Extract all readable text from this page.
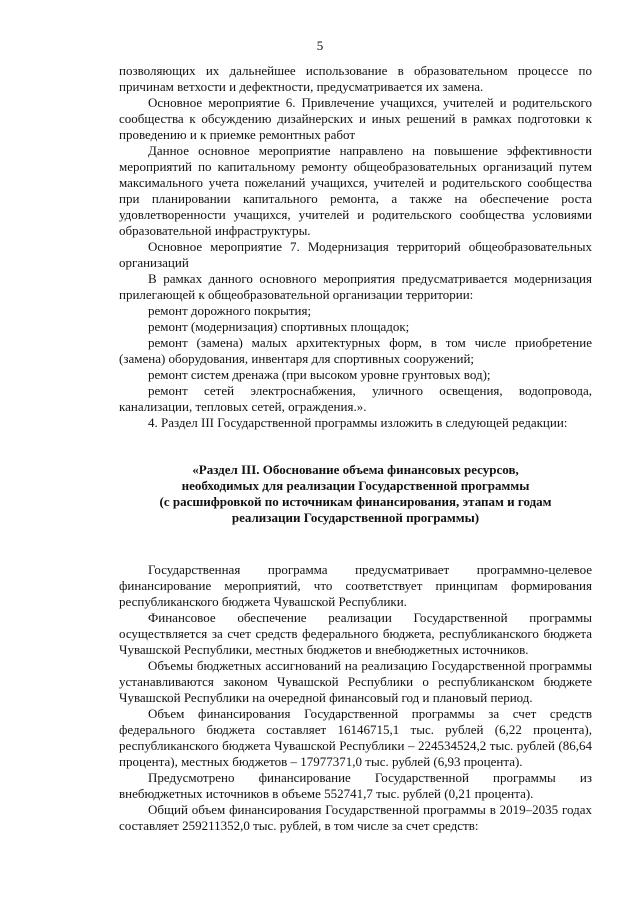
5

позволяющих их дальнейшее использование в образовательном процессе по причинам ветхости и дефектности, предусматривается их замена.

Основное мероприятие 6. Привлечение учащихся, учителей и родительского сообщества к обсуждению дизайнерских и иных решений в рамках подготовки к проведению и к приемке ремонтных работ

Данное основное мероприятие направлено на повышение эффективности мероприятий по капитальному ремонту общеобразовательных организаций путем максимального учета пожеланий учащихся, учителей и родительского сообщества при планировании капитального ремонта, а также на обеспечение роста удовлетворенности учащихся, учителей и родительского сообщества условиями образовательной инфраструктуры.

Основное мероприятие 7. Модернизация территорий общеобразовательных организаций

В рамках данного основного мероприятия предусматривается модернизация прилегающей к общеобразовательной организации территории:

ремонт дорожного покрытия;

ремонт (модернизация) спортивных площадок;

ремонт (замена) малых архитектурных форм, в том числе приобретение (замена) оборудования, инвентаря для спортивных сооружений;

ремонт систем дренажа (при высоком уровне грунтовых вод);

ремонт сетей электроснабжения, уличного освещения, водопровода, канализации, тепловых сетей, ограждения.».

4. Раздел III Государственной программы изложить в следующей редакции:

«Раздел III. Обоснование объема финансовых ресурсов,
необходимых для реализации Государственной программы
(с расшифровкой по источникам финансирования, этапам и годам
реализации Государственной программы)

Государственная программа предусматривает программно-целевое финансирование мероприятий, что соответствует принципам формирования республиканского бюджета Чувашской Республики.

Финансовое обеспечение реализации Государственной программы осуществляется за счет средств федерального бюджета, республиканского бюджета Чувашской Республики, местных бюджетов и внебюджетных источников.

Объемы бюджетных ассигнований на реализацию Государственной программы устанавливаются законом Чувашской Республики о республиканском бюджете Чувашской Республики на очередной финансовый год и плановый период.

Объем финансирования Государственной программы за счет средств федерального бюджета составляет 16146715,1 тыс. рублей (6,22 процента), республиканского бюджета Чувашской Республики – 224534524,2 тыс. рублей (86,64 процента), местных бюджетов – 17977371,0 тыс. рублей (6,93 процента).

Предусмотрено финансирование Государственной программы из внебюджетных источников в объеме 552741,7 тыс. рублей (0,21 процента).

Общий объем финансирования Государственной программы в 2019–2035 годах составляет 259211352,0 тыс. рублей, в том числе за счет средств:
